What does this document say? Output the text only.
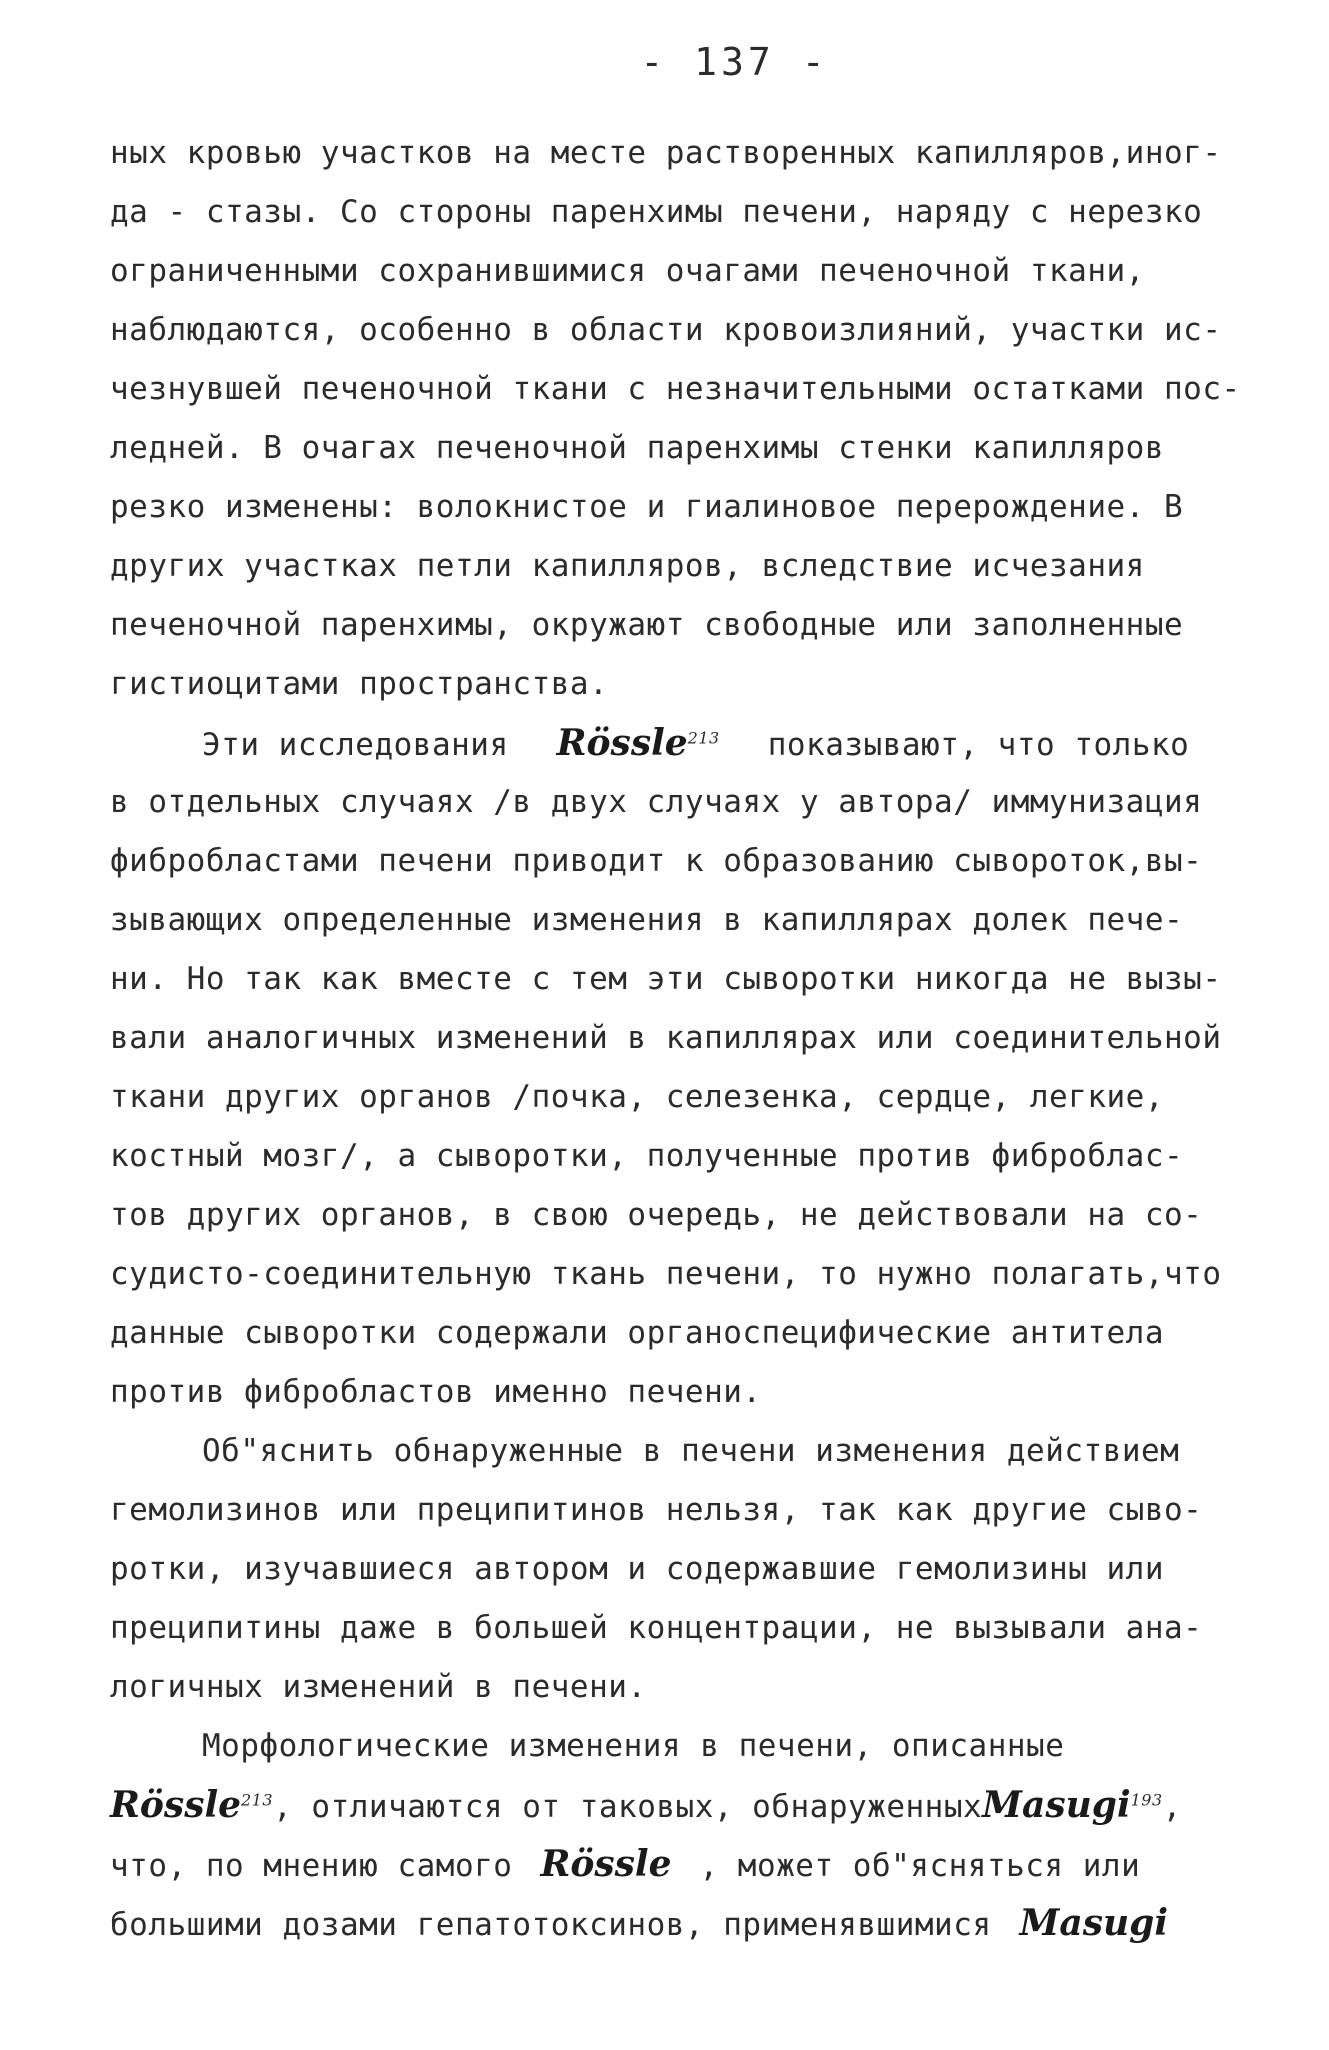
- 137 -
ных кровью участков на месте растворенных капилляров,иног-
да - стазы. Со стороны паренхимы печени, наряду с нерезко
ограниченными сохранившимися очагами печеночной ткани,
наблюдаются, особенно в области кровоизлияний, участки ис-
чезнувшей печеночной ткани с незначительными остатками пос-
ледней. В очагах печеночной паренхимы стенки капилляров
резко изменены: волокнистое и гиалиновое перерождение. В
других участках петли капилляров, вследствие исчезания
печеночной паренхимы, окружают свободные или заполненные
гистиоцитами пространства.
Эти исследования Rössle$^{213}$ показывают, что только
в отдельных случаях /в двух случаях у автора/ иммунизация
фибробластами печени приводит к образованию сывороток,вы-
зывающих определенные изменения в капиллярах долек пече-
ни. Но так как вместе с тем эти сыворотки никогда не вызы-
вали аналогичных изменений в капиллярах или соединительной
ткани других органов /почка, селезенка, сердце, легкие,
костный мозг/, а сыворотки, полученные против фиброблас-
тов других органов, в свою очередь, не действовали на со-
судисто-соединительную ткань печени, то нужно полагать,что
данные сыворотки содержали органоспецифические антитела
против фибробластов именно печени.
Об"яснить обнаруженные в печени изменения действием
гемолизинов или преципитинов нельзя, так как другие сыво-
ротки, изучавшиеся автором и содержавшие гемолизины или
преципитины даже в большей концентрации, не вызывали ана-
логичных изменений в печени.
Морфологические изменения в печени, описанные
Rössle$^{213}$, отличаются от таковых, обнаруженныхMasugi$^{193}$,
что, по мнению самого Rössle , может об"ясняться или
большими дозами гепатотоксинов, применявшимися Masugi
